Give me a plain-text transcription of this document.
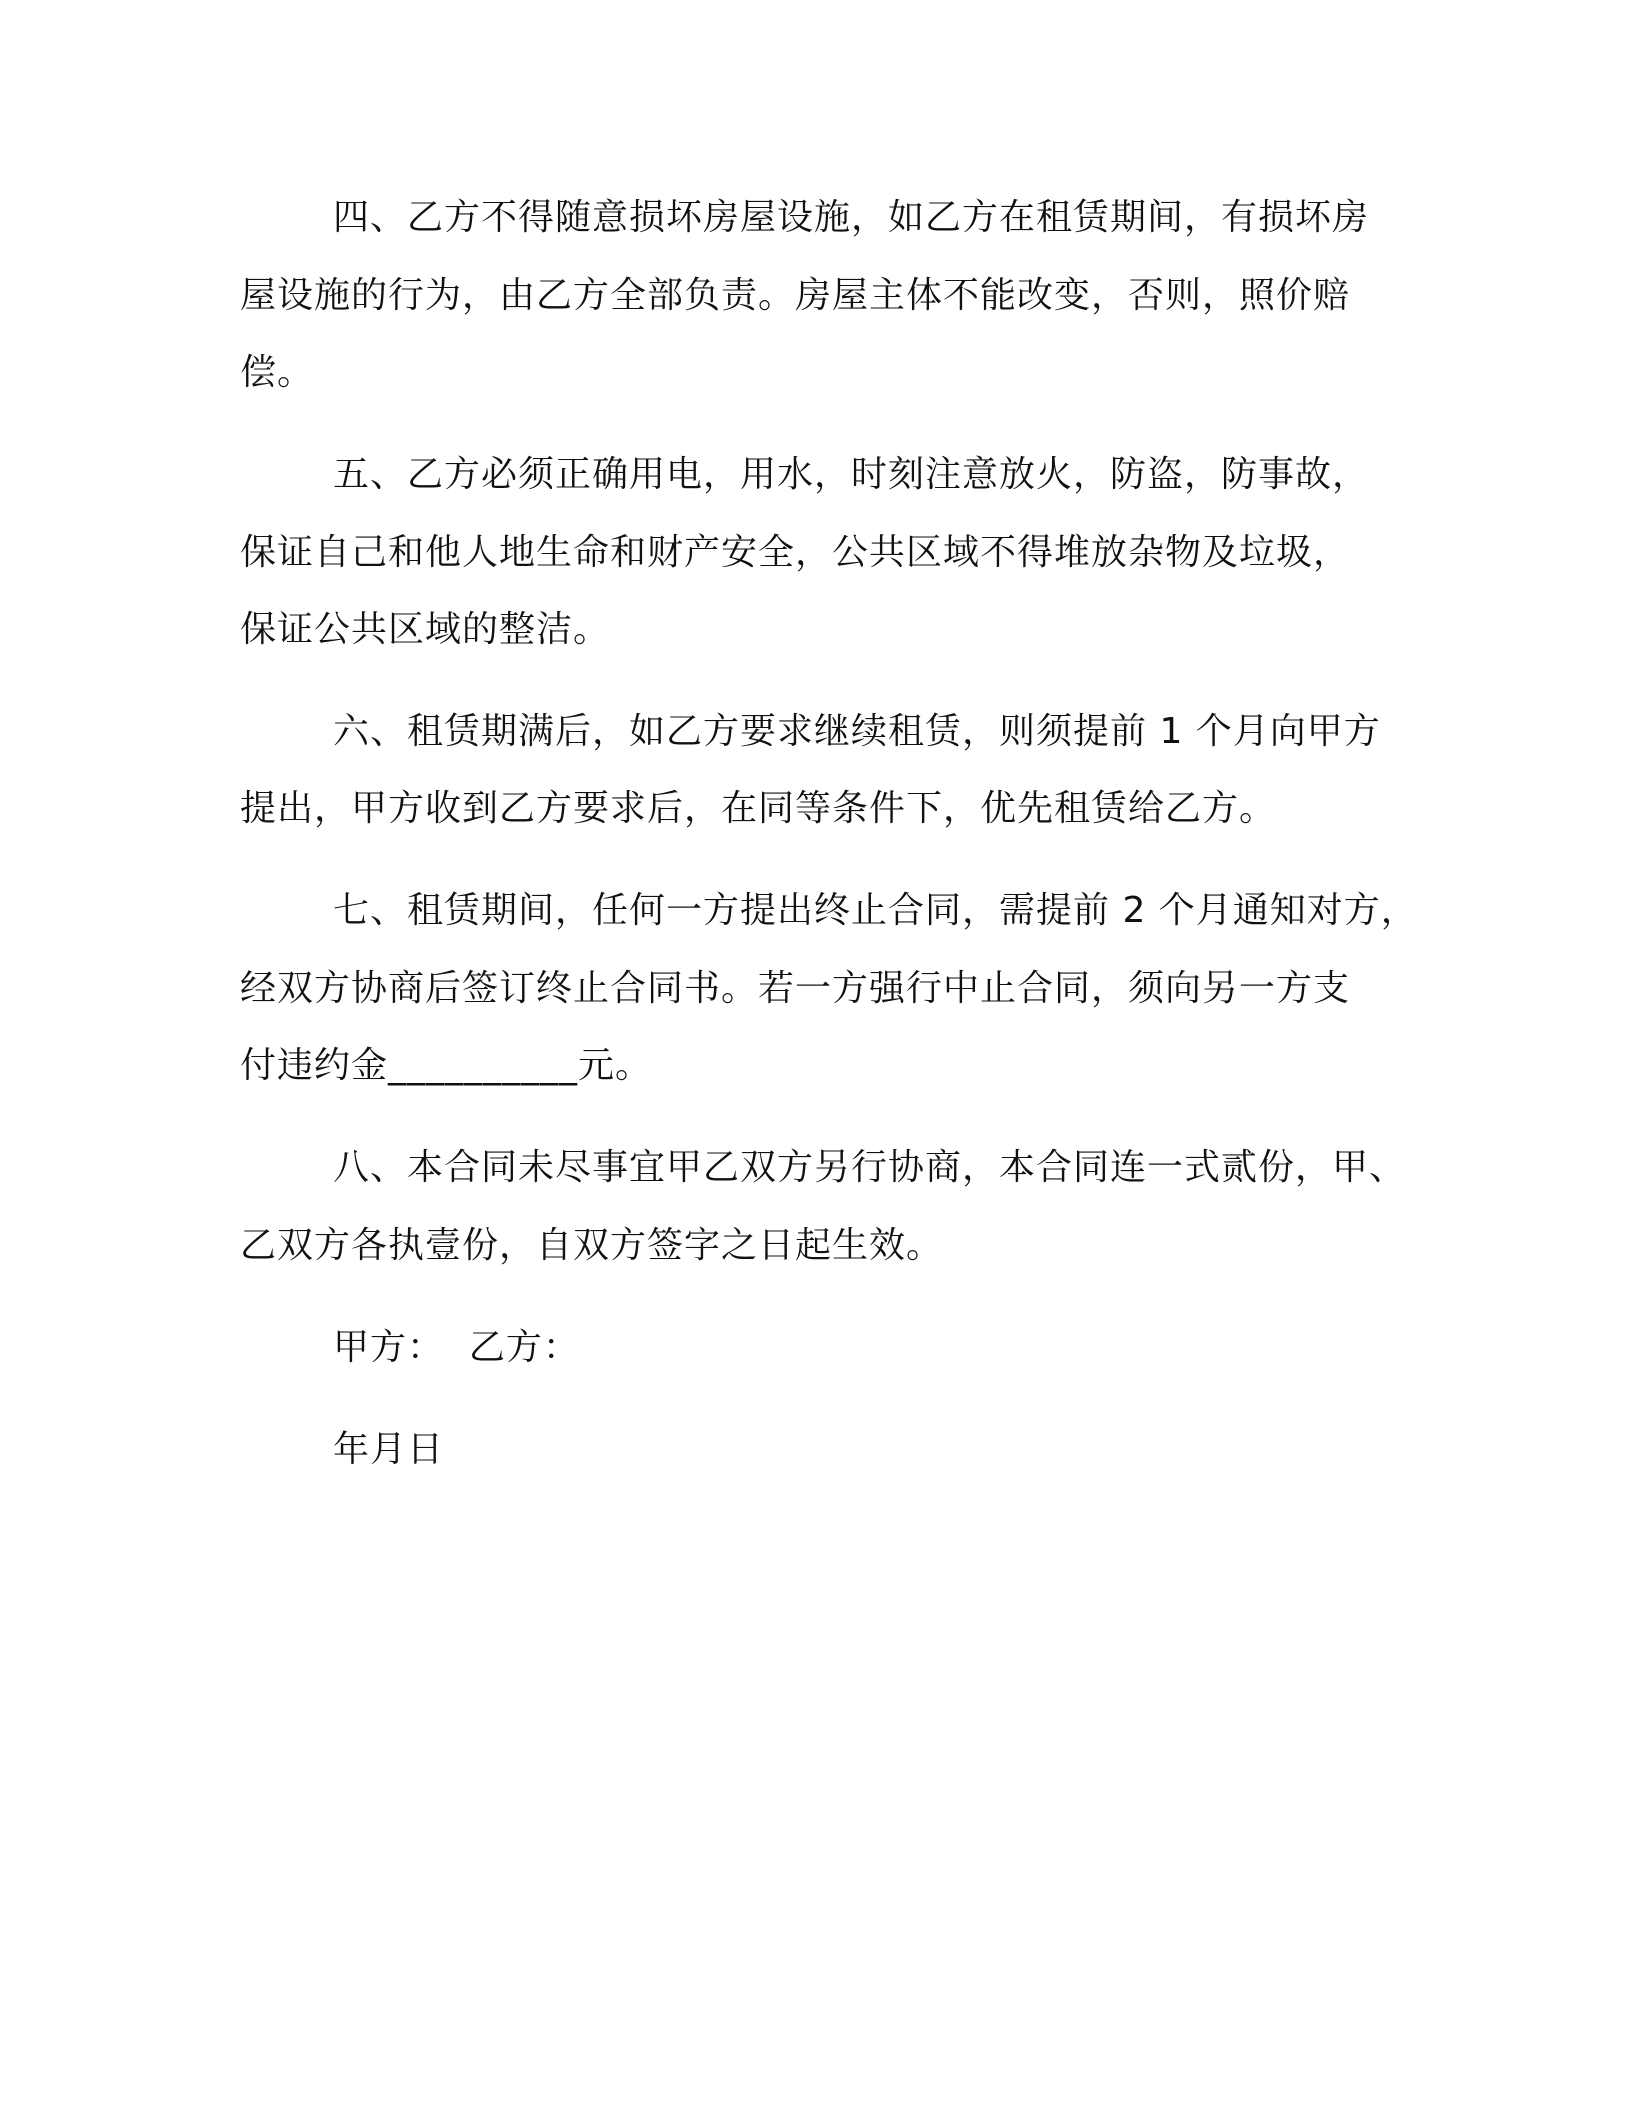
四、乙方不得随意损坏房屋设施，如乙方在租赁期间，有损坏房
屋设施的行为，由乙方全部负责。房屋主体不能改变，否则，照价赔
偿。
五、乙方必须正确用电，用水，时刻注意放火，防盗，防事故，
保证自己和他人地生命和财产安全，公共区域不得堆放杂物及垃圾，
保证公共区域的整洁。
六、租赁期满后，如乙方要求继续租赁，则须提前 1 个月向甲方
提出，甲方收到乙方要求后，在同等条件下，优先租赁给乙方。
七、租赁期间，任何一方提出终止合同，需提前 2 个月通知对方，
经双方协商后签订终止合同书。若一方强行中止合同，须向另一方支
付违约金__________元。
八、本合同未尽事宜甲乙双方另行协商，本合同连一式贰份，甲、
乙双方各执壹份，自双方签字之日起生效。
甲方：  乙方：
年月日
